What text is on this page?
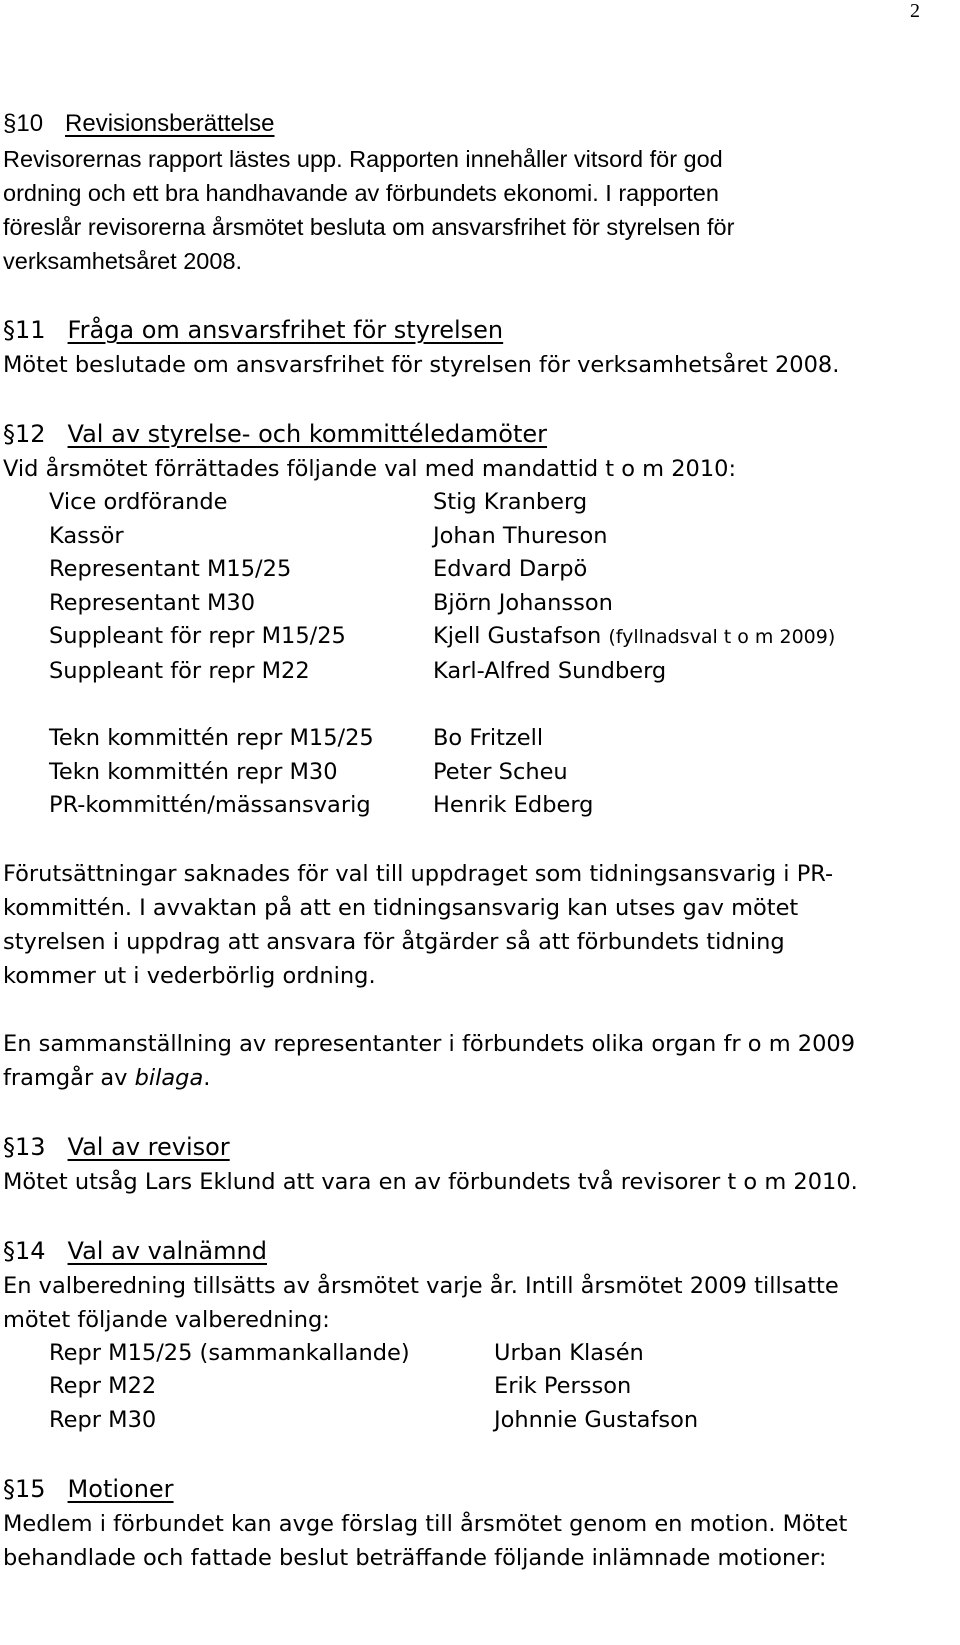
2

§10 Revisionsberättelse

Revisorernas rapport lästes upp. Rapporten innehåller vitsord för god

ordning och ett bra handhavande av förbundets ekonomi. I rapporten

föreslår revisorerna årsmötet besluta om ansvarsfrihet för styrelsen för

verksamhetsåret 2008.

§11 Fråga om ansvarsfrihet för styrelsen

Mötet beslutade om ansvarsfrihet för styrelsen för verksamhetsåret 2008.

§12 Val av styrelse- och kommittéledamöter

Vid årsmötet förrättades följande val med mandattid t o m 2010:

Vice ordförande	Stig Kranberg
Kassör	Johan Thureson
Representant M15/25	Edvard Darpö
Representant M30	Björn Johansson
Suppleant för repr M15/25	Kjell Gustafson (fyllnadsval t o m 2009)
Suppleant för repr M22	Karl-Alfred Sundberg
Tekn kommittén repr M15/25	Bo Fritzell
Tekn kommittén repr M30	Peter Scheu
PR-kommittén/mässansvarig	Henrik Edberg

Förutsättningar saknades för val till uppdraget som tidningsansvarig i PR-

kommittén. I avvaktan på att en tidningsansvarig kan utses gav mötet

styrelsen i uppdrag att ansvara för åtgärder så att förbundets tidning

kommer ut i vederbörlig ordning.

En sammanställning av representanter i förbundets olika organ fr o m 2009

framgår av bilaga.

§13 Val av revisor

Mötet utsåg Lars Eklund att vara en av förbundets två revisorer t o m 2010.

§14 Val av valnämnd

En valberedning tillsätts av årsmötet varje år. Intill årsmötet 2009 tillsatte

mötet följande valberedning:

Repr M15/25 (sammankallande)	Urban Klasén
Repr M22	Erik Persson
Repr M30	Johnnie Gustafson

§15 Motioner

Medlem i förbundet kan avge förslag till årsmötet genom en motion. Mötet

behandlade och fattade beslut beträffande följande inlämnade motioner:
